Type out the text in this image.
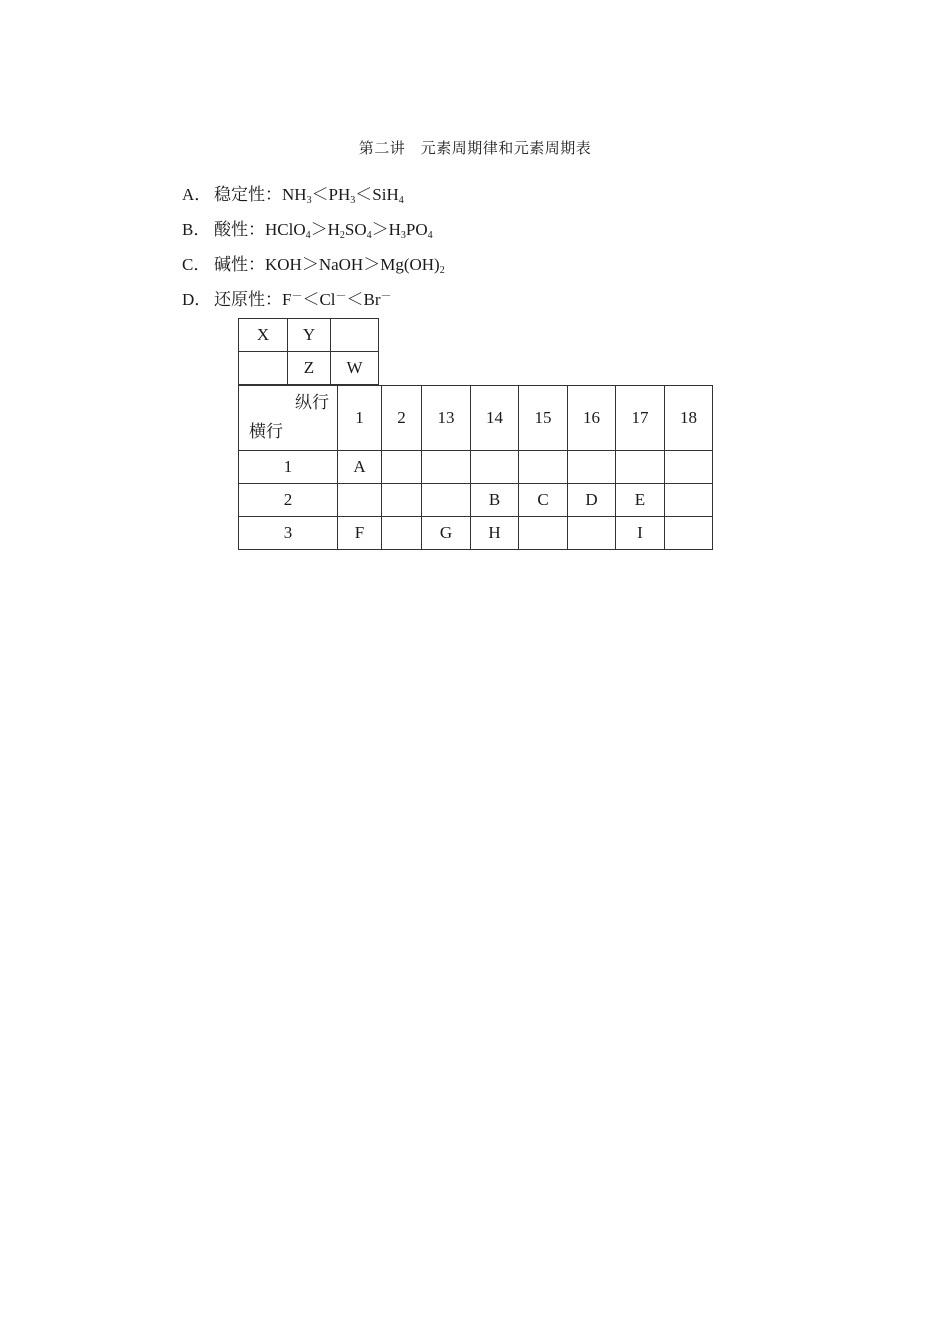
第二讲　元素周期律和元素周期表
A． 稳定性：$NH_3<PH_3<SiH_4$
B． 酸性：$HClO_4>H_2SO_4>H_3PO_4$
C． 碱性：$KOH>NaOH>Mg(OH)_2$
D． 还原性：F－＜Cl－＜Br－
X	Y	
	Z	W
纵行
横行	1	2	13	14	15	16	17	18
1	A							
2				B	C	D	E	
3	F		G	H			I	
